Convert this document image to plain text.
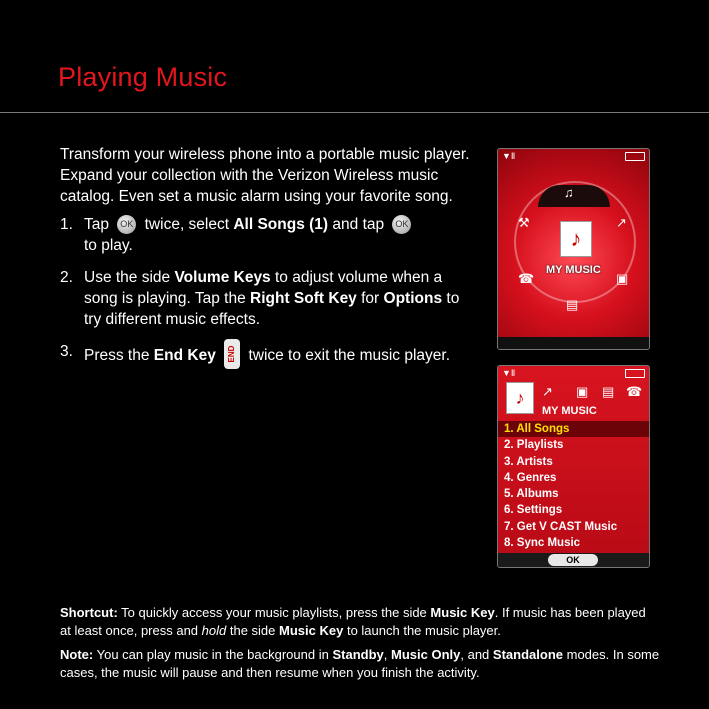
Playing Music
Transform your wireless phone into a portable music player. Expand your collection with the Verizon Wireless music catalog. Even set a music alarm using your favorite song.
1. Tap OK twice, select All Songs (1) and tap OK
to play.
2. Use the side Volume Keys to adjust volume when a song is playing. Tap the Right Soft Key for Options to try different music effects.
3. Press the End Key END twice to exit the music player.
▼Ⅱ
♫
⚒	↗
☎	▣
▤
♪
MY MUSIC
▼Ⅱ
♪	↗ ▣ ▤ ☎
MY MUSIC
1. All Songs
2. Playlists
3. Artists
4. Genres
5. Albums
6. Settings
7. Get V CAST Music
8. Sync Music
OK

Shortcut: To quickly access your music playlists, press the side Music Key. If music has been played at least once, press and hold the side Music Key to launch the music player.

Note: You can play music in the background in Standby, Music Only, and Standalone modes. In some cases, the music will pause and then resume when you finish the activity.
